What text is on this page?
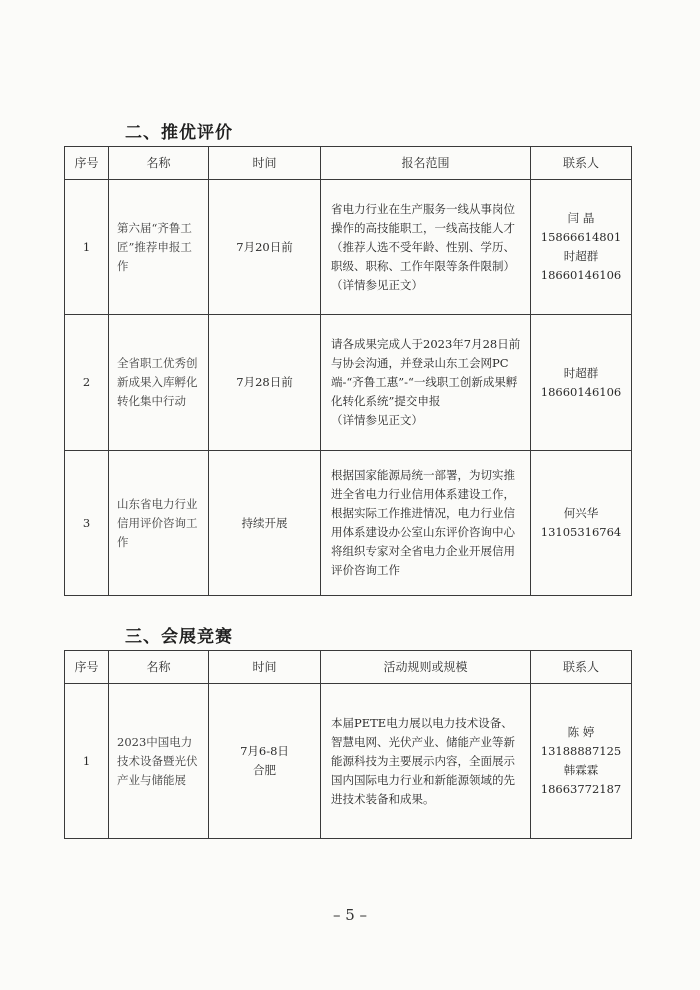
二、推优评价
序号	名称	时间	报名范围	联系人
1	第六届“齐鲁工匠”推荐申报工作	7月20日前	省电力行业在生产服务一线从事岗位操作的高技能职工，一线高技能人才（推荐人选不受年龄、性别、学历、职级、职称、工作年限等条件限制）
（详情参见正文）	闫 晶
15866614801
时超群
18660146106

2	全省职工优秀创新成果入库孵化转化集中行动	7月28日前	请各成果完成人于2023年7月28日前与协会沟通，并登录山东工会网PC端-“齐鲁工惠”-“一线职工创新成果孵化转化系统”提交申报
（详情参见正文）	时超群
18660146106

3	山东省电力行业信用评价咨询工作	持续开展	根据国家能源局统一部署，为切实推进全省电力行业信用体系建设工作，根据实际工作推进情况，电力行业信用体系建设办公室山东评价咨询中心将组织专家对全省电力企业开展信用评价咨询工作	何兴华
13105316764
三、会展竞赛
序号	名称	时间	活动规则或规模	联系人
1	2023中国电力技术设备暨光伏产业与储能展	7月6-8日
合肥	本届PETE电力展以电力技术设备、智慧电网、光伏产业、储能产业等新能源科技为主要展示内容，全面展示国内国际电力行业和新能源领域的先进技术装备和成果。	陈 婷
13188887125
韩霖霖
18663772187
– 5 –
